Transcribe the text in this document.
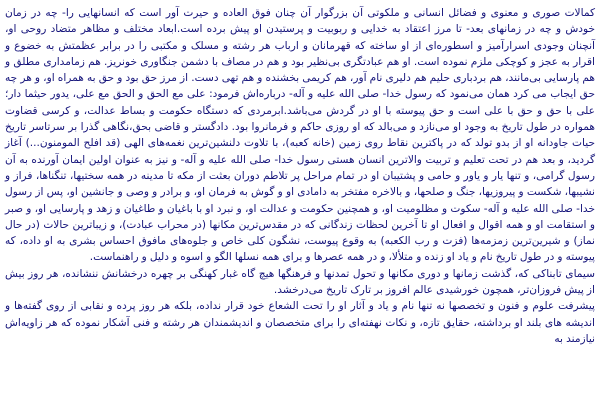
کمالات صوری و معنوی و فضائل انسانی و ملکوتی آن بزرگوار آن چنان فوق العاده و حیرت آور است که انسانهایی را- چه در زمان خودش و چه در زمانهای بعد- تا مرز اعتقاد به خدایی و ربوبیت و پرستیدن او پیش برده است.ابعاد مختلف و مظاهر متضاد روحی او، آنچنان وجودی اسرارآمیز و اسطوره‌ای از او ساخته که قهرمانان و ارباب هر رشته و مسلک و مکتبی را در برابر عظمتش به خضوع و اقرار به عجز و کوچکی ملزم نموده است. او هم عبادتگری بی‌نظیر بود و هم در مصاف با دشمن جنگاوری خونریز. هم زمامداری مطلق و هم پارسایی بی‌مانند، هم بردباری حلیم هم دلیری نام آور، هم کریمی بخشنده و هم تهی دست. از مرز حق بود و حق به همراه او، و هر چه حق ایجاب می کرد همان می‌نمود که رسول خدا- صلی الله علیه و آله- درباره‌اش فرمود: علی مع الحق و الحق مع علی، یدور حیثما دار؛ علی با حق و حق با علی است و حق پیوسته با او در گردش می‌باشد.ابرمردی که دستگاه حکومت و بساط عدالت، و کرسی قضاوت همواره در طول تاریخ به وجود او می‌نازد و می‌بالد که او روزی حاکم و فرمانروا بود. دادگستر و قاضی بحق،نگاهی گذرا بر سرتاسر تاریخ حیات جاودانه او از بدو تولد که در پاکترین نقاط روی زمین (خانه کعبه)، با تلاوت دلنشین‌ترین نغمه‌های الهی (قد افلح المومنون...) آغاز گردید، و بعد هم در تحت تعلیم و تربیت والاترین انسان هستی رسول خدا- صلی الله علیه و آله- و نیز به عنوان اولین ایمان آورنده به آن رسول گرامی، و تنها یار و یاور و حامی و پشتیبان او در تمام مراحل پر تلاطم دوران بعثت از مکه تا مدینه در همه سختیها، تنگناها، فراز و نشیبها، شکست و پیروزیها، جنگ و صلحها، و بالاخره مفتخر به دامادی او و گوش به فرمان او، و برادر و وصی و جانشین او، پس از رسول خدا- صلی الله علیه و آله- سکوت و مظلومیت او، و همچنین حکومت و عدالت او، و نبرد او با باغیان و طاغیان و زهد و پارسایی او، و صبر و استقامت او و همه اقوال و افعال او تا آخرین لحظات زندگانی که در مقدس‌ترین مکانها (در محراب عبادت)، و زیباترین حالات (در حال نماز) و شیرین‌ترین زمزمه‌ها (فزت و رب الکعبه) به وقوع پیوست، نشگون کلی خاص و جلوه‌های مافوق احساس بشری به او داده، که پیوسته و در طول تاریخ نام و یاد او زنده و متلألا، و در همه عصرها و برای همه نسلها الگو و اسوه و دلیل و راهنماست.

سیمای تابناکی که، گذشت زمانها و دوری مکانها و تحول تمدنها و فرهنگها هیچ گاه غبار کهنگی بر چهره درخشانش ننشانده، هر روز بیش از پیش فروزان‌تر، همچون خورشیدی عالم افروز بر تارک تاریخ می‌درخشد.

پیشرفت علوم و فنون و تخصصها نه تنها نام و یاد و آثار او را تحت الشعاع خود قرار نداده، بلکه هر روز پرده و نقابی از روی گفته‌ها و اندیشه های بلند او برداشته، حقایق تازه، و نکات نهفته‌ای را برای متخصصان و اندیشمندان هر رشته و فنی آشکار نموده که هر زاویه‌اش نیازمند به
